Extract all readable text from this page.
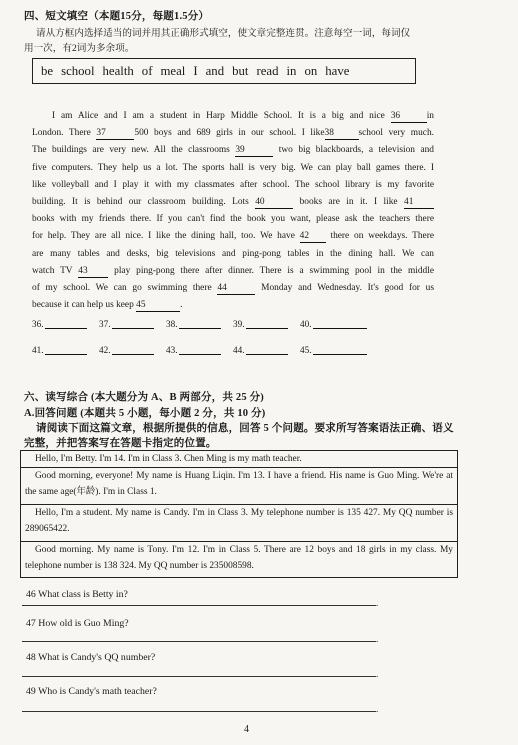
四、短文填空（本题15分，每题1.5分）
请从方框内选择适当的词并用其正确形式填空，使文章完整连贯。注意每空一词，每词仅
用一次，有2词为多余项。
be school health of meal I and but read in on have

I am Alice and I am a student in Harp Middle School. It is a big and nice 36	in

London. There 37	500 boys and 689 girls in our school. I like38	school very much.

The buildings are very new. All the classrooms 39	two big blackboards, a television and

five computers. They help us a lot. The sports hall is very big. We can play ball games there. I

like volleyball and I play it with my classmates after school. The school library is my favorite

building. It is behind our classroom building. Lots 40	books are in it. I like 41

books with my friends there. If you can't find the book you want, please ask the teachers there

for help. They are all nice. I like the dining hall, too. We have 42 there on weekdays. There

are many tables and desks, big televisions and ping-pong tables in the dining hall. We can

watch TV 43 play ping-pong there after dinner. There is a swimming pool in the middle

of my school. We can go swimming there 44	Monday and Wednesday. It's good for us

because it can help us keep 45	.

36.	37.	38.	39.	40.
41.	42.	43.	44.	45.
六、读写综合 (本大题分为 A、B 两部分，共 25 分)
A.回答问题 (本题共 5 小题，每小题 2 分，共 10 分)
请阅读下面这篇文章，根据所提供的信息，回答 5 个问题。要求所写答案语法正确、语义
完整，并把答案写在答题卡指定的位置。
Hello, I'm Betty. I'm 14. I'm in Class 3. Chen Ming is my math teacher.
Good morning, everyone! My name is Huang Liqin. I'm 13. I have a friend. His name is Guo Ming. We're at the same age(年龄). I'm in Class 1.
Hello, I'm a student. My name is Candy. I'm in Class 3. My telephone number is 135 427. My QQ number is 289065422.
Good morning. My name is Tony. I'm 12. I'm in Class 5. There are 12 boys and 18 girls in my class. My telephone number is 138 324. My QQ number is 235008598.
46 What class is Betty in?
.
47 How old is Guo Ming?
.
48 What is Candy's QQ number?
.
49 Who is Candy's math teacher?
.
4
